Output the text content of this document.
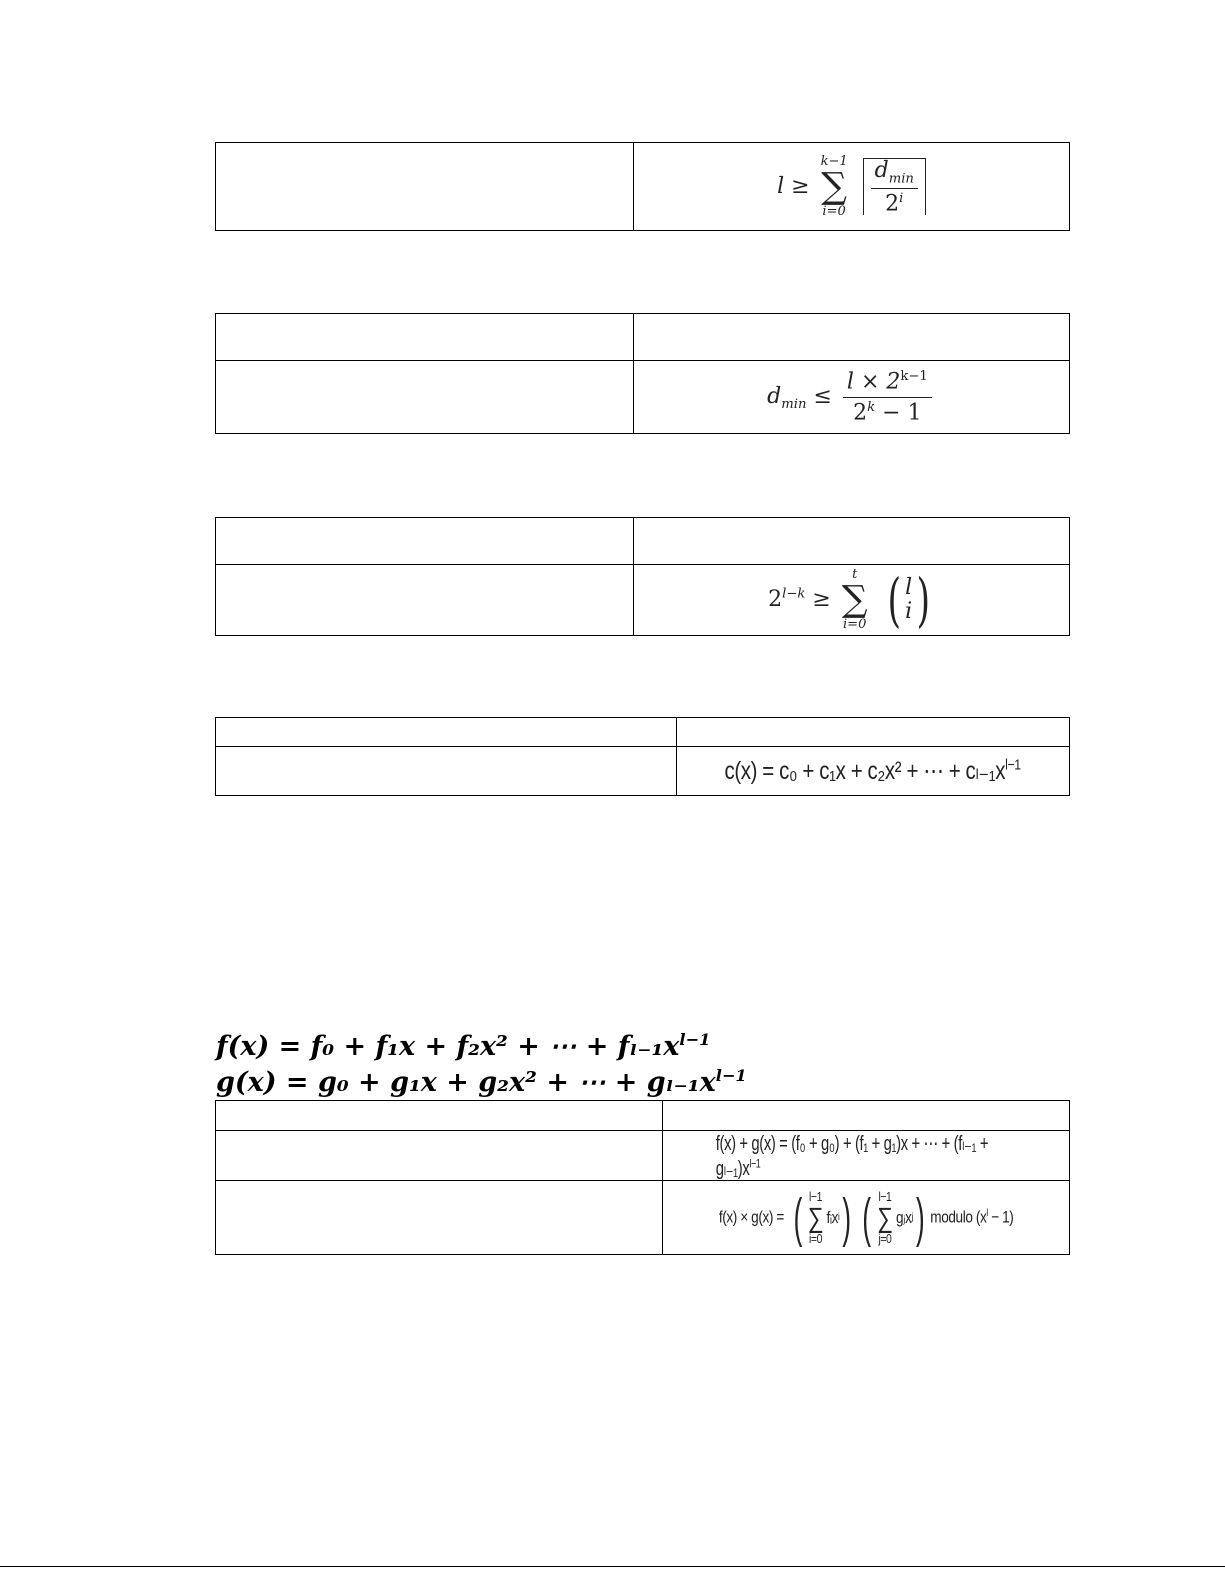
l ≥
k−1
∑
i=0
$\frac{d_{min}}{2^i}$
$d_{min} \le \frac{l \times 2^{k-1}}{2^k - 1}$
$2^{l-k}$ ≥
t
∑
i=0
( l
i )
c(x) = c₀ + c₁x + c₂x² + ⋯ + $c_{l-1}x^{l-1}$
f(x) = f₀ + f₁x + f₂x² + ⋯ + $f_{l-1}x^{l-1}$
g(x) = g₀ + g₁x + g₂x² + ⋯ + $g_{l-1}x^{l-1}$
f(x) + g(x) = (f₀ + g₀) + (f₁ + g₁)x + ⋯ + $(f_{l-1} + g_{l-1})x^{l-1}$
f(x) × g(x) = ( l−1
∑
i=0
fᵢx i )
( l−1
∑
j=0
gⱼx j ) modulo $(x^l - 1)$
